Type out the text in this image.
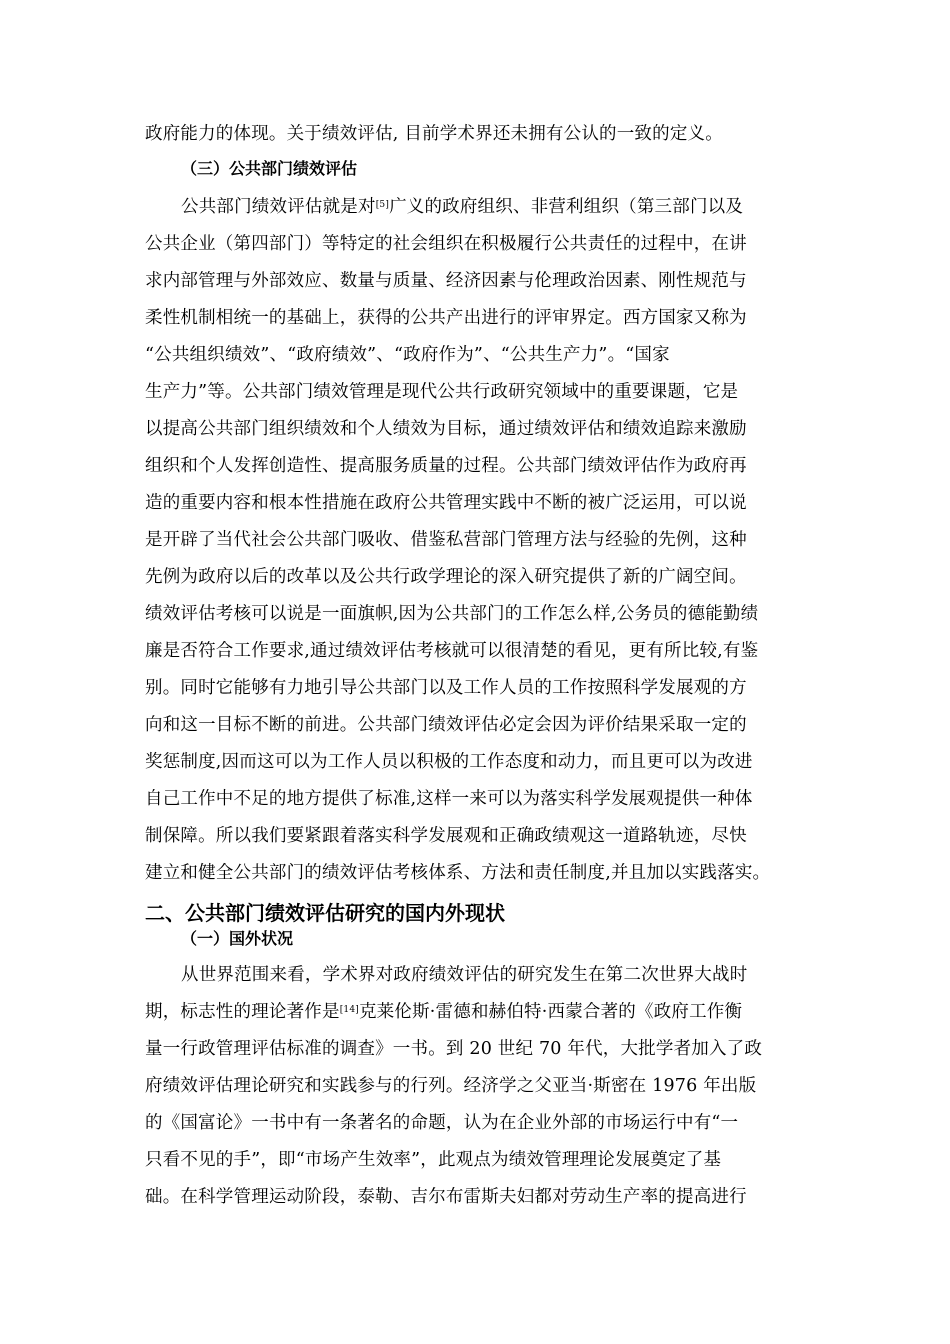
政府能力的体现。关于绩效评估, 目前学术界还未拥有公认的一致的定义。
（三）公共部门绩效评估
公共部门绩效评估就是对[5]广义的政府组织、非营利组织（第三部门以及
公共企业（第四部门）等特定的社会组织在积极履行公共责任的过程中，在讲
求内部管理与外部效应、数量与质量、经济因素与伦理政治因素、刚性规范与
柔性机制相统一的基础上，获得的公共产出进行的评审界定。西方国家又称为
“公共组织绩效”、“政府绩效”、“政府作为”、“公共生产力”。“国家
生产力”等。公共部门绩效管理是现代公共行政研究领域中的重要课题，它是
以提高公共部门组织绩效和个人绩效为目标，通过绩效评估和绩效追踪来激励
组织和个人发挥创造性、提高服务质量的过程。公共部门绩效评估作为政府再
造的重要内容和根本性措施在政府公共管理实践中不断的被广泛运用，可以说
是开辟了当代社会公共部门吸收、借鉴私营部门管理方法与经验的先例，这种
先例为政府以后的改革以及公共行政学理论的深入研究提供了新的广阔空间。
绩效评估考核可以说是一面旗帜,因为公共部门的工作怎么样,公务员的德能勤绩
廉是否符合工作要求,通过绩效评估考核就可以很清楚的看见，更有所比较,有鉴
别。同时它能够有力地引导公共部门以及工作人员的工作按照科学发展观的方
向和这一目标不断的前进。公共部门绩效评估必定会因为评价结果采取一定的
奖惩制度,因而这可以为工作人员以积极的工作态度和动力，而且更可以为改进
自己工作中不足的地方提供了标准,这样一来可以为落实科学发展观提供一种体
制保障。所以我们要紧跟着落实科学发展观和正确政绩观这一道路轨迹，尽快
建立和健全公共部门的绩效评估考核体系、方法和责任制度,并且加以实践落实。
二、公共部门绩效评估研究的国内外现状
（一）国外状况
从世界范围来看，学术界对政府绩效评估的研究发生在第二次世界大战时
期，标志性的理论著作是[14]克莱伦斯·雷德和赫伯特·西蒙合著的《政府工作衡
量一行政管理评估标准的调查》一书。到 20 世纪 70 年代，大批学者加入了政
府绩效评估理论研究和实践参与的行列。经济学之父亚当·斯密在 1976 年出版
的《国富论》一书中有一条著名的命题，认为在企业外部的市场运行中有“一
只看不见的手”，即“市场产生效率”，此观点为绩效管理理论发展奠定了基
础。在科学管理运动阶段，泰勒、吉尔布雷斯夫妇都对劳动生产率的提高进行
